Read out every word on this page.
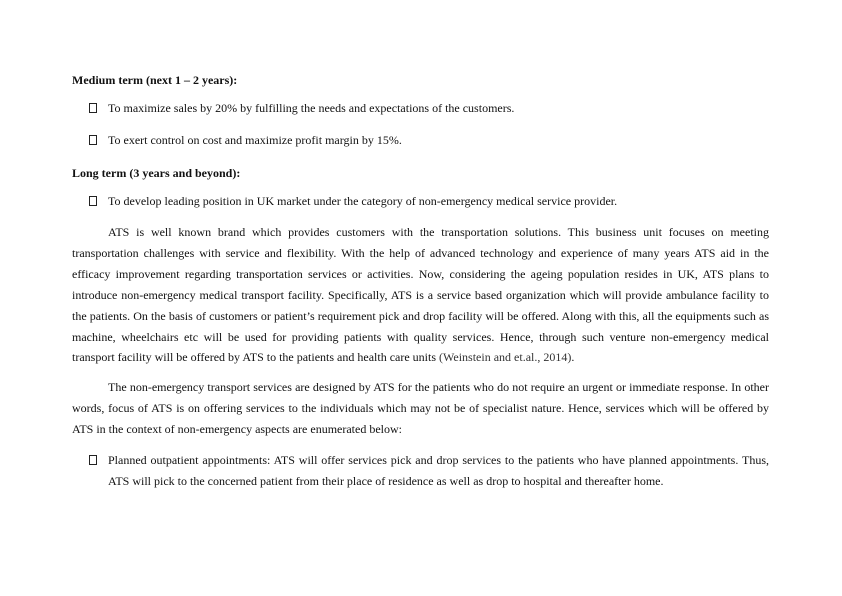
Medium term (next 1 – 2 years):
To maximize sales by 20% by fulfilling the needs and expectations of the customers.
To exert control on cost and maximize profit margin by 15%.
Long term (3 years and beyond):
To develop leading position in UK market under the category of non-emergency medical service provider.

ATS is well known brand which provides customers with the transportation solutions. This business unit focuses on meeting transportation challenges with service and flexibility. With the help of advanced technology and experience of many years ATS aid in the efficacy improvement regarding transportation services or activities. Now, considering the ageing population resides in UK, ATS plans to introduce non-emergency medical transport facility. Specifically, ATS is a service based organization which will provide ambulance facility to the patients. On the basis of customers or patient’s requirement pick and drop facility will be offered. Along with this, all the equipments such as machine, wheelchairs etc will be used for providing patients with quality services. Hence, through such venture non-emergency medical transport facility will be offered by ATS to the patients and health care units (Weinstein and et.al., 2014).

The non-emergency transport services are designed by ATS for the patients who do not require an urgent or immediate response. In other words, focus of ATS is on offering services to the individuals which may not be of specialist nature. Hence, services which will be offered by ATS in the context of non-emergency aspects are enumerated below:

Planned outpatient appointments: ATS will offer services pick and drop services to the patients who have planned appointments. Thus, ATS will pick to the concerned patient from their place of residence as well as drop to hospital and thereafter home.
